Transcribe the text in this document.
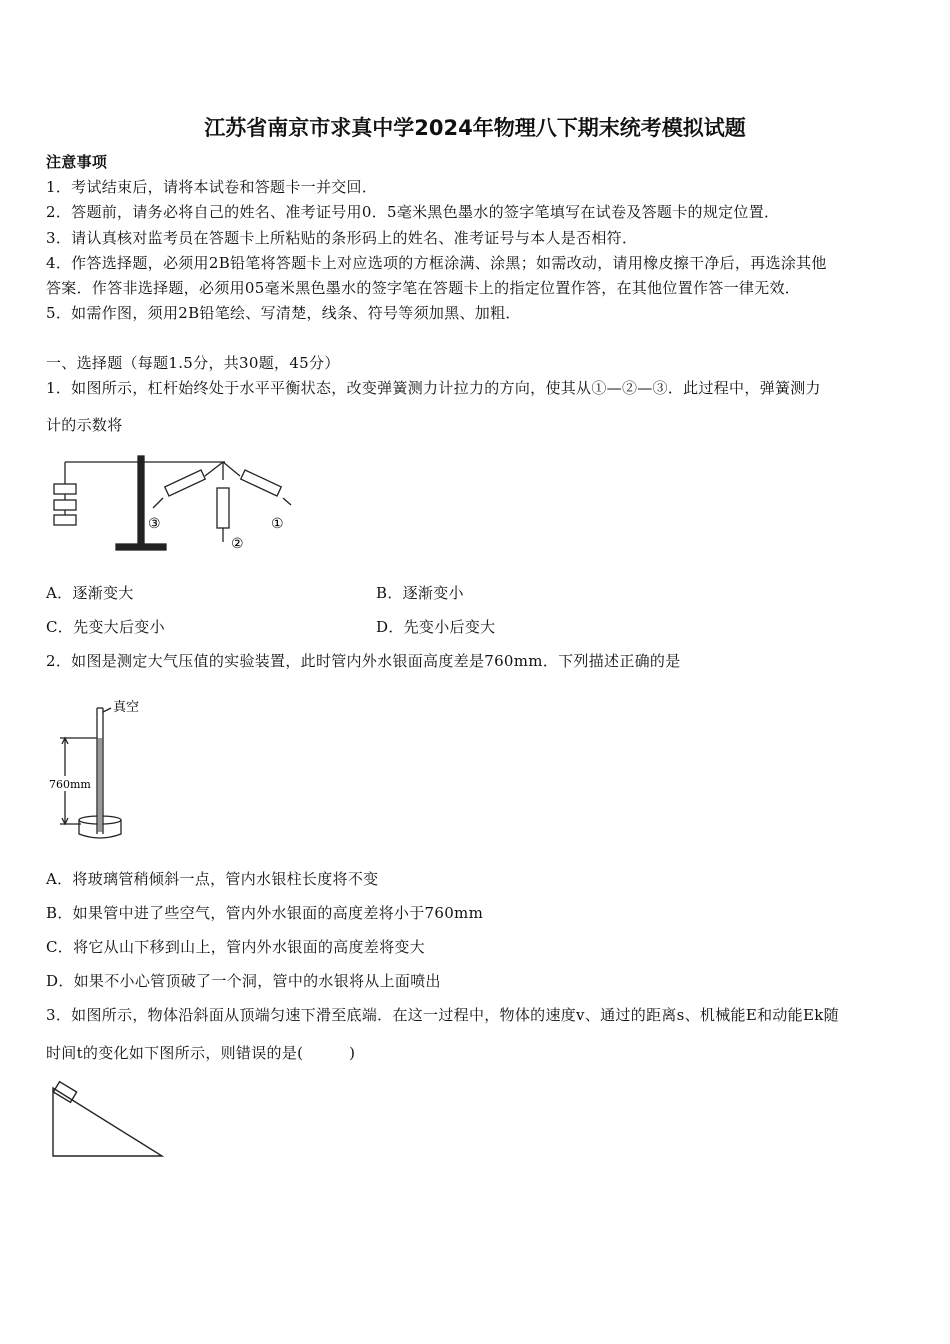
江苏省南京市求真中学2024年物理八下期末统考模拟试题
注意事项
1．考试结束后，请将本试卷和答题卡一并交回．
2．答题前，请务必将自己的姓名、准考证号用0．5毫米黑色墨水的签字笔填写在试卷及答题卡的规定位置．
3．请认真核对监考员在答题卡上所粘贴的条形码上的姓名、准考证号与本人是否相符．
4．作答选择题，必须用2B铅笔将答题卡上对应选项的方框涂满、涂黑；如需改动，请用橡皮擦干净后，再选涂其他
答案．作答非选择题，必须用05毫米黑色墨水的签字笔在答题卡上的指定位置作答，在其他位置作答一律无效．
5．如需作图，须用2B铅笔绘、写清楚，线条、符号等须加黑、加粗．
一、选择题（每题1.5分，共30题，45分）
1．如图所示，杠杆始终处于水平平衡状态，改变弹簧测力计拉力的方向，使其从①—②—③．此过程中，弹簧测力
计的示数将
③
②
①
A．逐渐变大	B．逐渐变小
C．先变大后变小	D．先变小后变大
2．如图是测定大气压值的实验装置，此时管内外水银面高度差是760mm．下列描述正确的是
真空
760mm
A．将玻璃管稍倾斜一点，管内水银柱长度将不变
B．如果管中进了些空气，管内外水银面的高度差将小于760mm
C．将它从山下移到山上，管内外水银面的高度差将变大
D．如果不小心管顶破了一个洞，管中的水银将从上面喷出
3．如图所示，物体沿斜面从顶端匀速下滑至底端．在这一过程中，物体的速度v、通过的距离s、机械能E和动能Ek随
时间t的变化如下图所示，则错误的是(　　　)
